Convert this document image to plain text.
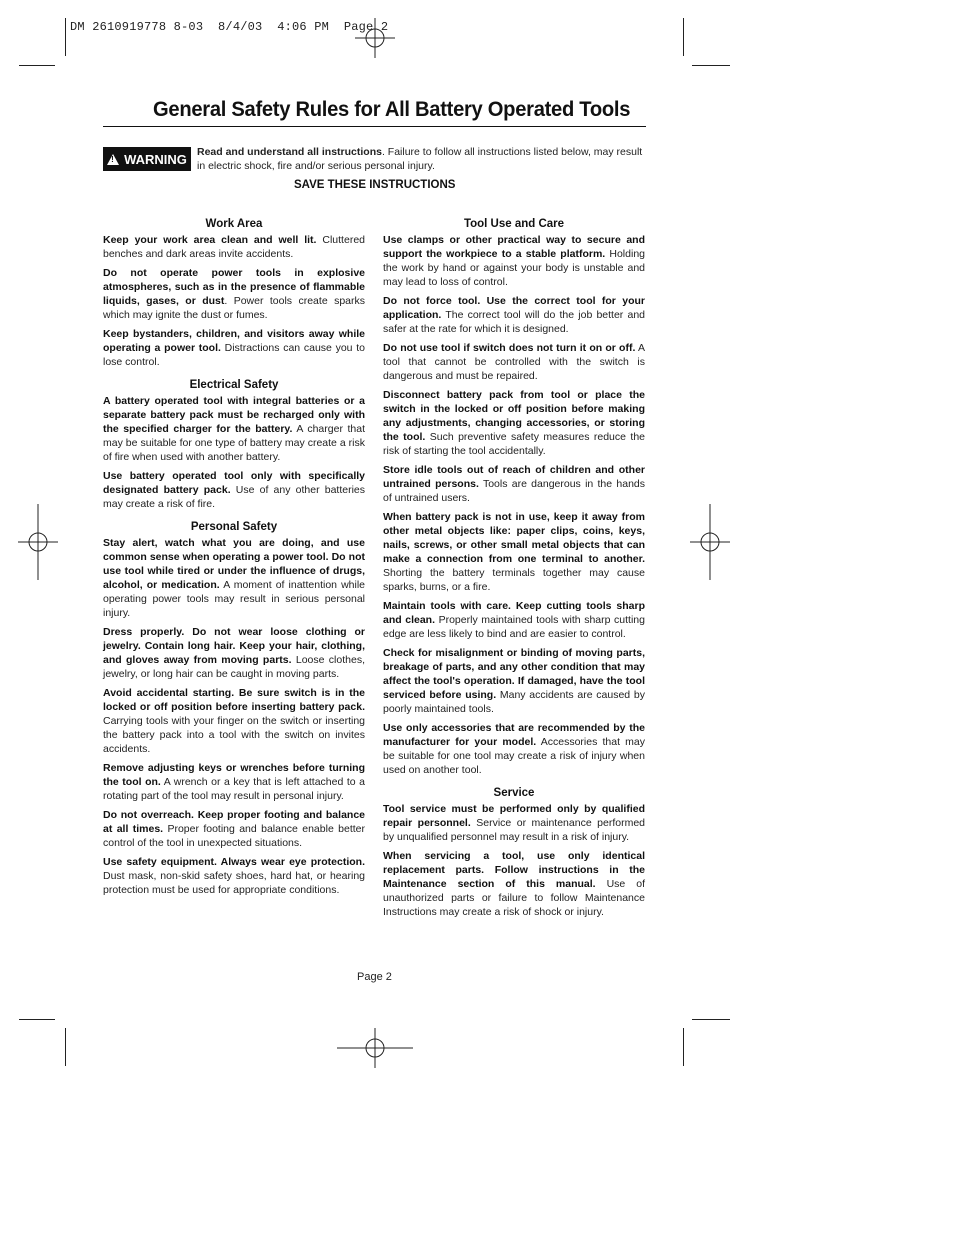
DM 2610919778 8-03  8/4/03  4:06 PM  Page 2
General Safety Rules for All Battery Operated Tools
! WARNING Read and understand all instructions. Failure to follow all instructions listed below, may result in electric shock, fire and/or serious personal injury.
SAVE THESE INSTRUCTIONS
Work Area

Keep your work area clean and well lit. Cluttered benches and dark areas invite accidents.

Do not operate power tools in explosive atmospheres, such as in the presence of flammable liquids, gases, or dust. Power tools create sparks which may ignite the dust or fumes.

Keep bystanders, children, and visitors away while operating a power tool. Distractions can cause you to lose control.

Electrical Safety

A battery operated tool with integral batteries or a separate battery pack must be recharged only with the specified charger for the battery. A charger that may be suitable for one type of battery may create a risk of fire when used with another battery.

Use battery operated tool only with specifically designated battery pack. Use of any other batteries may create a risk of fire.

Personal Safety

Stay alert, watch what you are doing, and use common sense when operating a power tool. Do not use tool while tired or under the influence of drugs, alcohol, or medication. A moment of inattention while operating power tools may result in serious personal injury.

Dress properly. Do not wear loose clothing or jewelry. Contain long hair. Keep your hair, clothing, and gloves away from moving parts. Loose clothes, jewelry, or long hair can be caught in moving parts.

Avoid accidental starting. Be sure switch is in the locked or off position before inserting battery pack. Carrying tools with your finger on the switch or inserting the battery pack into a tool with the switch on invites accidents.

Remove adjusting keys or wrenches before turning the tool on. A wrench or a key that is left attached to a rotating part of the tool may result in personal injury.

Do not overreach. Keep proper footing and balance at all times. Proper footing and balance enable better control of the tool in unexpected situations.

Use safety equipment. Always wear eye protection. Dust mask, non-skid safety shoes, hard hat, or hearing protection must be used for appropriate conditions.

Tool Use and Care

Use clamps or other practical way to secure and support the workpiece to a stable platform. Holding the work by hand or against your body is unstable and may lead to loss of control.

Do not force tool. Use the correct tool for your application. The correct tool will do the job better and safer at the rate for which it is designed.

Do not use tool if switch does not turn it on or off. A tool that cannot be controlled with the switch is dangerous and must be repaired.

Disconnect battery pack from tool or place the switch in the locked or off position before making any adjustments, changing accessories, or storing the tool. Such preventive safety measures reduce the risk of starting the tool accidentally.

Store idle tools out of reach of children and other untrained persons. Tools are dangerous in the hands of untrained users.

When battery pack is not in use, keep it away from other metal objects like: paper clips, coins, keys, nails, screws, or other small metal objects that can make a connection from one terminal to another. Shorting the battery terminals together may cause sparks, burns, or a fire.

Maintain tools with care. Keep cutting tools sharp and clean. Properly maintained tools with sharp cutting edge are less likely to bind and are easier to control.

Check for misalignment or binding of moving parts, breakage of parts, and any other condition that may affect the tool's operation. If damaged, have the tool serviced before using. Many accidents are caused by poorly maintained tools.

Use only accessories that are recommended by the manufacturer for your model. Accessories that may be suitable for one tool may create a risk of injury when used on another tool.

Service

Tool service must be performed only by qualified repair personnel. Service or maintenance performed by unqualified personnel may result in a risk of injury.

When servicing a tool, use only identical replacement parts. Follow instructions in the Maintenance section of this manual. Use of unauthorized parts or failure to follow Maintenance Instructions may create a risk of shock or injury.

Page 2
